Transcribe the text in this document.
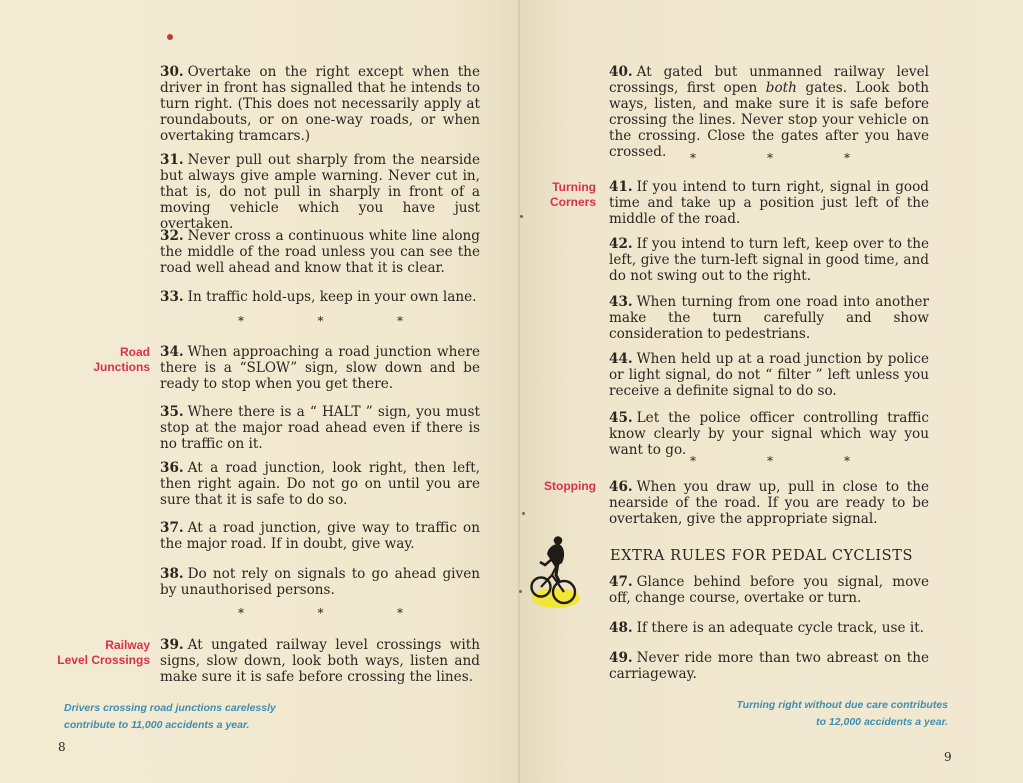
Road
Junctions
Railway
Level Crossings

30. Overtake on the right except when the driver in front has signalled that he intends to turn right. (This does not necessarily apply at roundabouts, or on one-way roads, or when overtaking tramcars.)

31. Never pull out sharply from the nearside but always give ample warning. Never cut in, that is, do not pull in sharply in front of a moving vehicle which you have just overtaken.

32. Never cross a continuous white line along the middle of the road unless you can see the road well ahead and know that it is clear.

33. In traffic hold-ups, keep in your own lane.

34. When approaching a road junction where there is a “SLOW” sign, slow down and be ready to stop when you get there.

35. Where there is a “ HALT ” sign, you must stop at the major road ahead even if there is no traffic on it.

36. At a road junction, look right, then left, then right again. Do not go on until you are sure that it is safe to do so.

37. At a road junction, give way to traffic on the major road. If in doubt, give way.

38. Do not rely on signals to go ahead given by unauthorised persons.

39. At ungated railway level crossings with signs, slow down, look both ways, listen and make sure it is safe before crossing the lines.

*	*	*
*	*	*
Drivers crossing road junctions carelessly
contribute to 11,000 accidents a year.
8
Turning
Corners
Stopping

40. At gated but unmanned railway level crossings, first open both gates. Look both ways, listen, and make sure it is safe before crossing the lines. Never stop your vehicle on the crossing. Close the gates after you have crossed.

41. If you intend to turn right, signal in good time and take up a position just left of the middle of the road.

42. If you intend to turn left, keep over to the left, give the turn-left signal in good time, and do not swing out to the right.

43. When turning from one road into another make the turn carefully and show consideration to pedestrians.

44. When held up at a road junction by police or light signal, do not “ filter ” left unless you receive a definite signal to do so.

45. Let the police officer controlling traffic know clearly by your signal which way you want to go.

46. When you draw up, pull in close to the nearside of the road. If you are ready to be overtaken, give the appropriate signal.

47. Glance behind before you signal, move off, change course, overtake or turn.

48. If there is an adequate cycle track, use it.

49. Never ride more than two abreast on the carriageway.

*	*	*
*	*	*
EXTRA RULES FOR PEDAL CYCLISTS
Turning right without due care contributes
to 12,000 accidents a year.
9
